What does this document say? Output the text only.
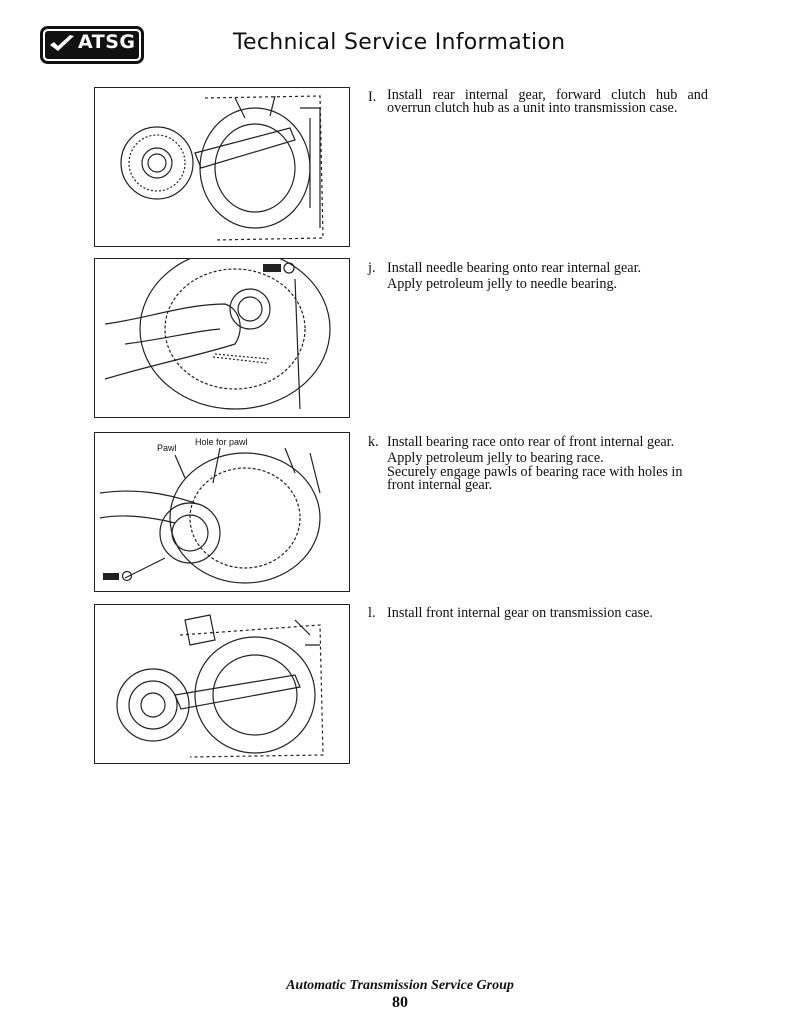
ATSG	Technical Service Information
I. Install rear internal gear, forward clutch hub and overrun clutch hub as a unit into transmission case.
j. Install needle bearing onto rear internal gear.
Apply petroleum jelly to needle bearing.
Pawl
Hole for pawl	k. Install bearing race onto rear of front internal gear.
Apply petroleum jelly to bearing race.
Securely engage pawls of bearing race with holes in front internal gear.
l. Install front internal gear on transmission case.
Automatic Transmission Service Group
80
